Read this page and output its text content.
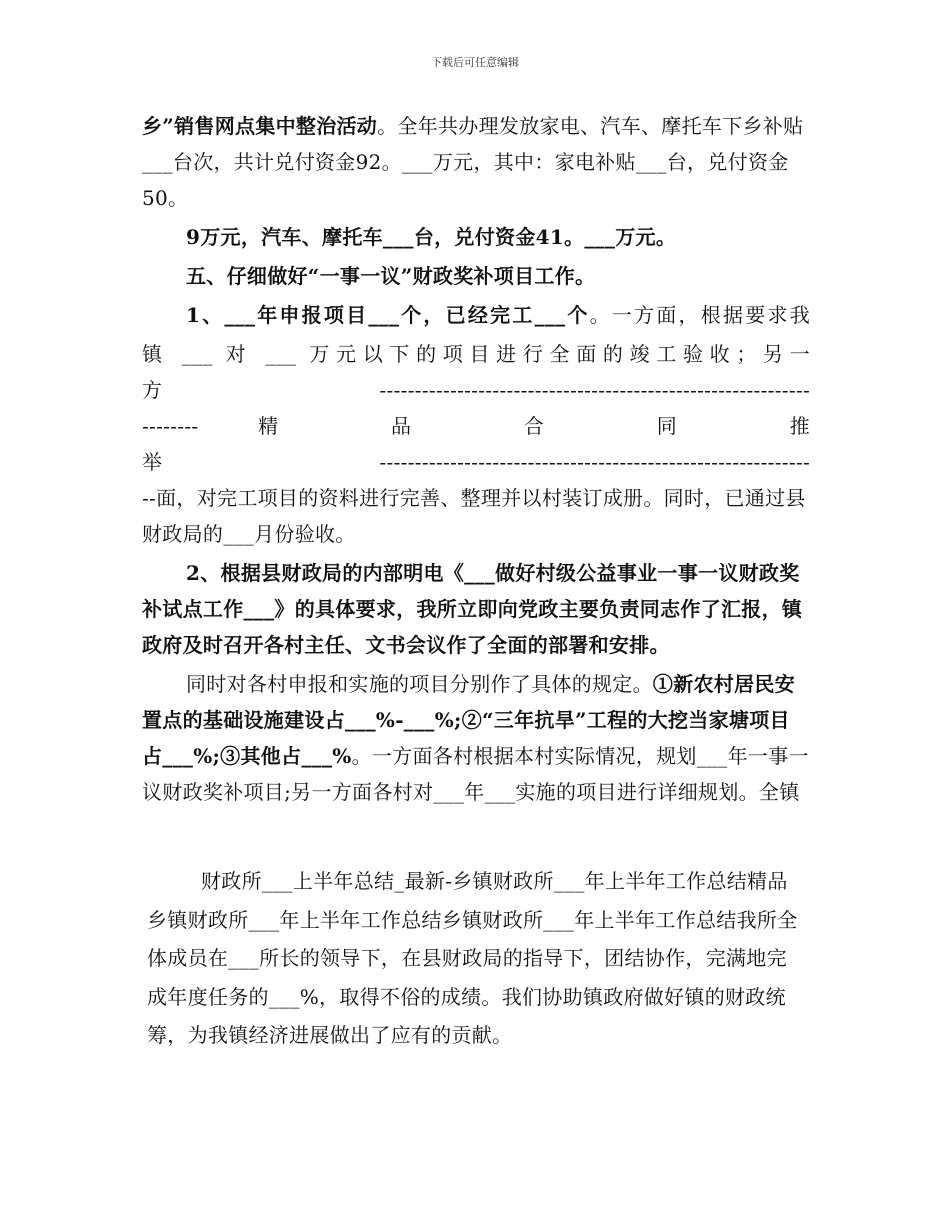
下载后可任意编辑

乡”销售网点集中整治活动。全年共办理发放家电、汽车、摩托车下乡补贴___台次，共计兑付资金92。___万元，其中：家电补贴___台，兑付资金50。

9万元，汽车、摩托车___台，兑付资金41。___万元。

五、仔细做好“一事一议”财政奖补项目工作。

1、___年申报项目___个，已经完工___个。一方面，根据要求我
镇 ___ 对 ___ 万元以下的项目进行全面的竣工验收；另一
方 -------------------------------------------------------------
-------- 精 品 合 同 推
举 -------------------------------------------------------------

--面，对完工项目的资料进行完善、整理并以村装订成册。同时，已通过县财政局的___月份验收。

2、根据县财政局的内部明电《___做好村级公益事业一事一议财政奖补试点工作___》的具体要求，我所立即向党政主要负责同志作了汇报，镇政府及时召开各村主任、文书会议作了全面的部署和安排。

同时对各村申报和实施的项目分别作了具体的规定。①新农村居民安置点的基础设施建设占___%-___%;②“三年抗旱”工程的大挖当家塘项目占___%;③其他占___%。一方面各村根据本村实际情况，规划___年一事一议财政奖补项目;另一方面各村对___年___实施的项目进行详细规划。全镇

财政所___上半年总结_最新-乡镇财政所___年上半年工作总结精品乡镇财政所___年上半年工作总结乡镇财政所___年上半年工作总结我所全体成员在___所长的领导下，在县财政局的指导下，团结协作，完满地完成年度任务的___%，取得不俗的成绩。我们协助镇政府做好镇的财政统筹，为我镇经济进展做出了应有的贡献。
